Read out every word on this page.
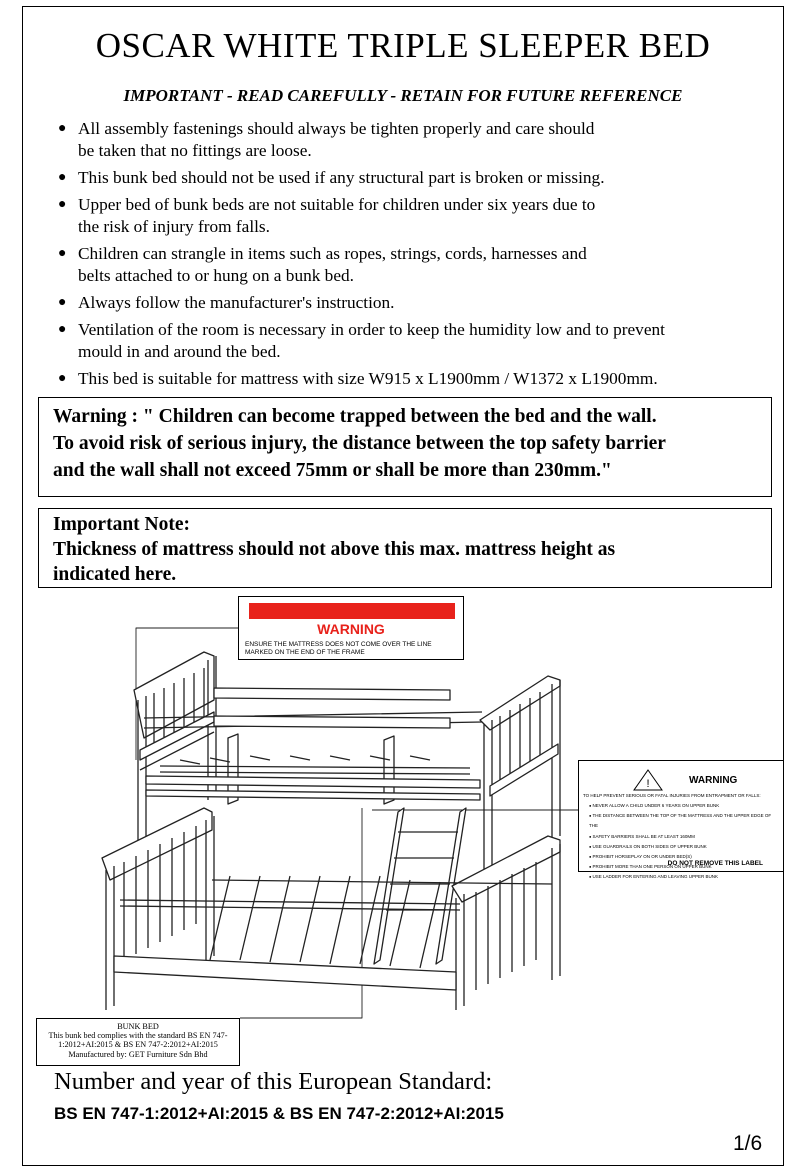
OSCAR WHITE TRIPLE SLEEPER BED
IMPORTANT - READ CAREFULLY - RETAIN FOR FUTURE REFERENCE
● All assembly fastenings should always be tighten properly and care should
be taken that no fittings are loose.
● This bunk bed should not be used if any structural part is broken or missing.
● Upper bed of bunk beds are not suitable for children under six years due to
the risk of injury from falls.
● Children can strangle in items such as ropes, strings, cords, harnesses and
belts attached to or hung on a bunk bed.
● Always follow the manufacturer's instruction.
● Ventilation of the room is necessary in order to keep the humidity low and to prevent
mould in and around the bed.
● This bed is suitable for mattress with size W915 x L1900mm / W1372 x L1900mm.
Warning : " Children can become trapped between the bed and the wall.
To avoid risk of serious injury, the distance between the top safety barrier
and the wall shall not exceed 75mm or shall be more than 230mm."
Important Note:
Thickness of mattress should not above this max. mattress height as
indicated here.
WARNING
ENSURE THE MATTRESS DOES NOT COME OVER THE LINE MARKED ON THE END OF THE FRAME
!	WARNING
TO HELP PREVENT SERIOUS OR FATAL INJURIES FROM ENTRAPMENT OR FALLS:
● NEVER ALLOW A CHILD UNDER 6 YEARS ON UPPER BUNK
● THE DISTANCE BETWEEN THE TOP OF THE MATTRESS AND THE UPPER EDGE OF THE
● SAFETY BARRIERS SHALL BE AT LEAST 160MM
● USE GUARDRAILS ON BOTH SIDES OF UPPER BUNK
● PROHIBIT HORSEPLAY ON OR UNDER BED(S)
● PROHIBIT MORE THAN ONE PERSON ON UPPER BUNK
● USE LADDER FOR ENTERING AND LEAVING UPPER BUNK
DO NOT REMOVE THIS LABEL
BUNK BED
This bunk bed complies with the standard BS EN 747-
1:2012+AI:2015 & BS EN 747-2:2012+AI:2015
Manufactured by: GET Furniture Sdn Bhd
Number and year of this European Standard:
BS EN 747-1:2012+AI:2015 & BS EN 747-2:2012+AI:2015
1/6
